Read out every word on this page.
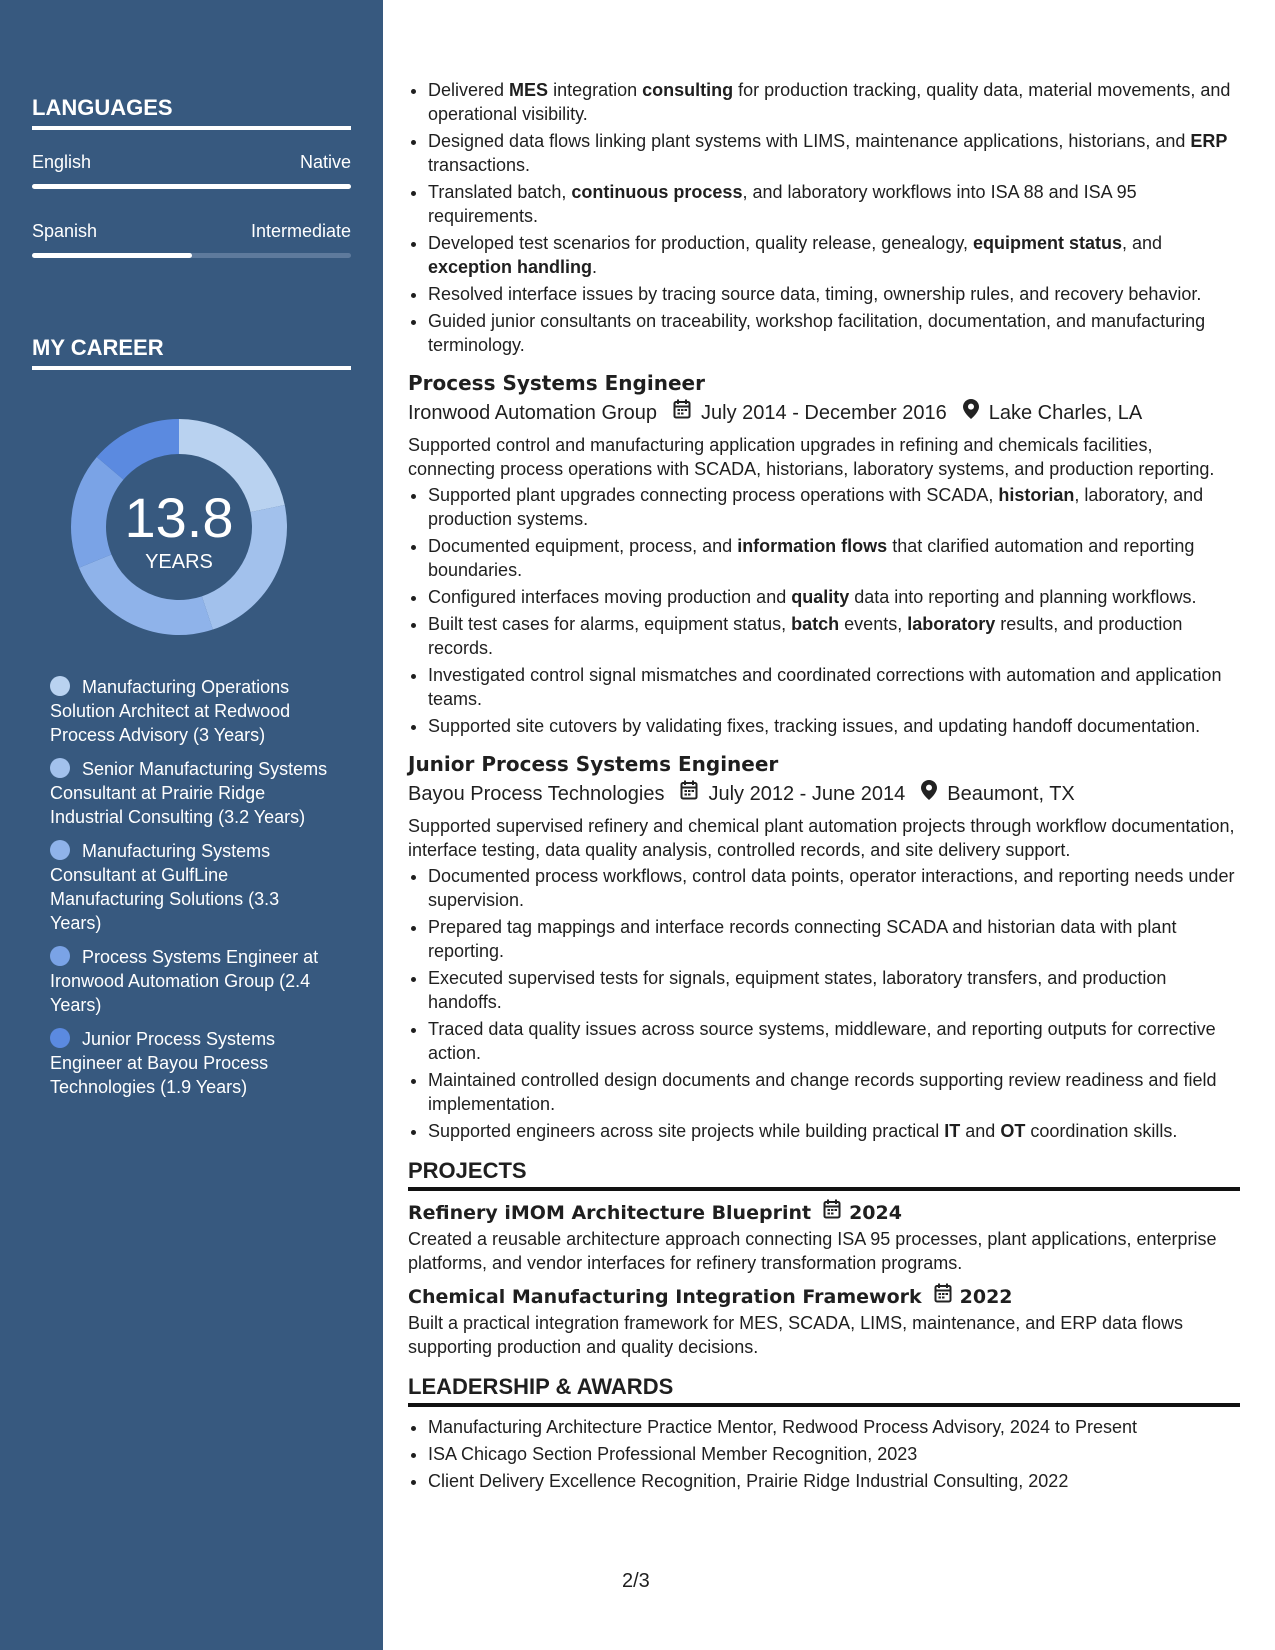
LANGUAGES
English	Native
Spanish	Intermediate
MY CAREER
13.8
YEARS
Manufacturing Operations Solution Architect at Redwood Process Advisory (3 Years)
Senior Manufacturing Systems Consultant at Prairie Ridge Industrial Consulting (3.2 Years)
Manufacturing Systems Consultant at GulfLine Manufacturing Solutions (3.3 Years)
Process Systems Engineer at Ironwood Automation Group (2.4 Years)
Junior Process Systems Engineer at Bayou Process Technologies (1.9 Years)
• Delivered MES integration consulting for production tracking, quality data, material movements, and operational visibility.
• Designed data flows linking plant systems with LIMS, maintenance applications, historians, and ERP transactions.
• Translated batch, continuous process, and laboratory workflows into ISA 88 and ISA 95 requirements.
• Developed test scenarios for production, quality release, genealogy, equipment status, and exception handling.
• Resolved interface issues by tracing source data, timing, ownership rules, and recovery behavior.
• Guided junior consultants on traceability, workshop facilitation, documentation, and manufacturing terminology.
Process Systems Engineer
Ironwood Automation Group July 2014 - December 2016 Lake Charles, LA
Supported control and manufacturing application upgrades in refining and chemicals facilities, connecting process operations with SCADA, historians, laboratory systems, and production reporting.
• Supported plant upgrades connecting process operations with SCADA, historian, laboratory, and production systems.
• Documented equipment, process, and information flows that clarified automation and reporting boundaries.
• Configured interfaces moving production and quality data into reporting and planning workflows.
• Built test cases for alarms, equipment status, batch events, laboratory results, and production records.
• Investigated control signal mismatches and coordinated corrections with automation and application teams.
• Supported site cutovers by validating fixes, tracking issues, and updating handoff documentation.
Junior Process Systems Engineer
Bayou Process Technologies July 2012 - June 2014 Beaumont, TX
Supported supervised refinery and chemical plant automation projects through workflow documentation, interface testing, data quality analysis, controlled records, and site delivery support.
• Documented process workflows, control data points, operator interactions, and reporting needs under supervision.
• Prepared tag mappings and interface records connecting SCADA and historian data with plant reporting.
• Executed supervised tests for signals, equipment states, laboratory transfers, and production handoffs.
• Traced data quality issues across source systems, middleware, and reporting outputs for corrective action.
• Maintained controlled design documents and change records supporting review readiness and field implementation.
• Supported engineers across site projects while building practical IT and OT coordination skills.
PROJECTS
Refinery iMOM Architecture Blueprint 2024
Created a reusable architecture approach connecting ISA 95 processes, plant applications, enterprise platforms, and vendor interfaces for refinery transformation programs.
Chemical Manufacturing Integration Framework 2022
Built a practical integration framework for MES, SCADA, LIMS, maintenance, and ERP data flows supporting production and quality decisions.
LEADERSHIP & AWARDS
• Manufacturing Architecture Practice Mentor, Redwood Process Advisory, 2024 to Present
• ISA Chicago Section Professional Member Recognition, 2023
• Client Delivery Excellence Recognition, Prairie Ridge Industrial Consulting, 2022
2/3
